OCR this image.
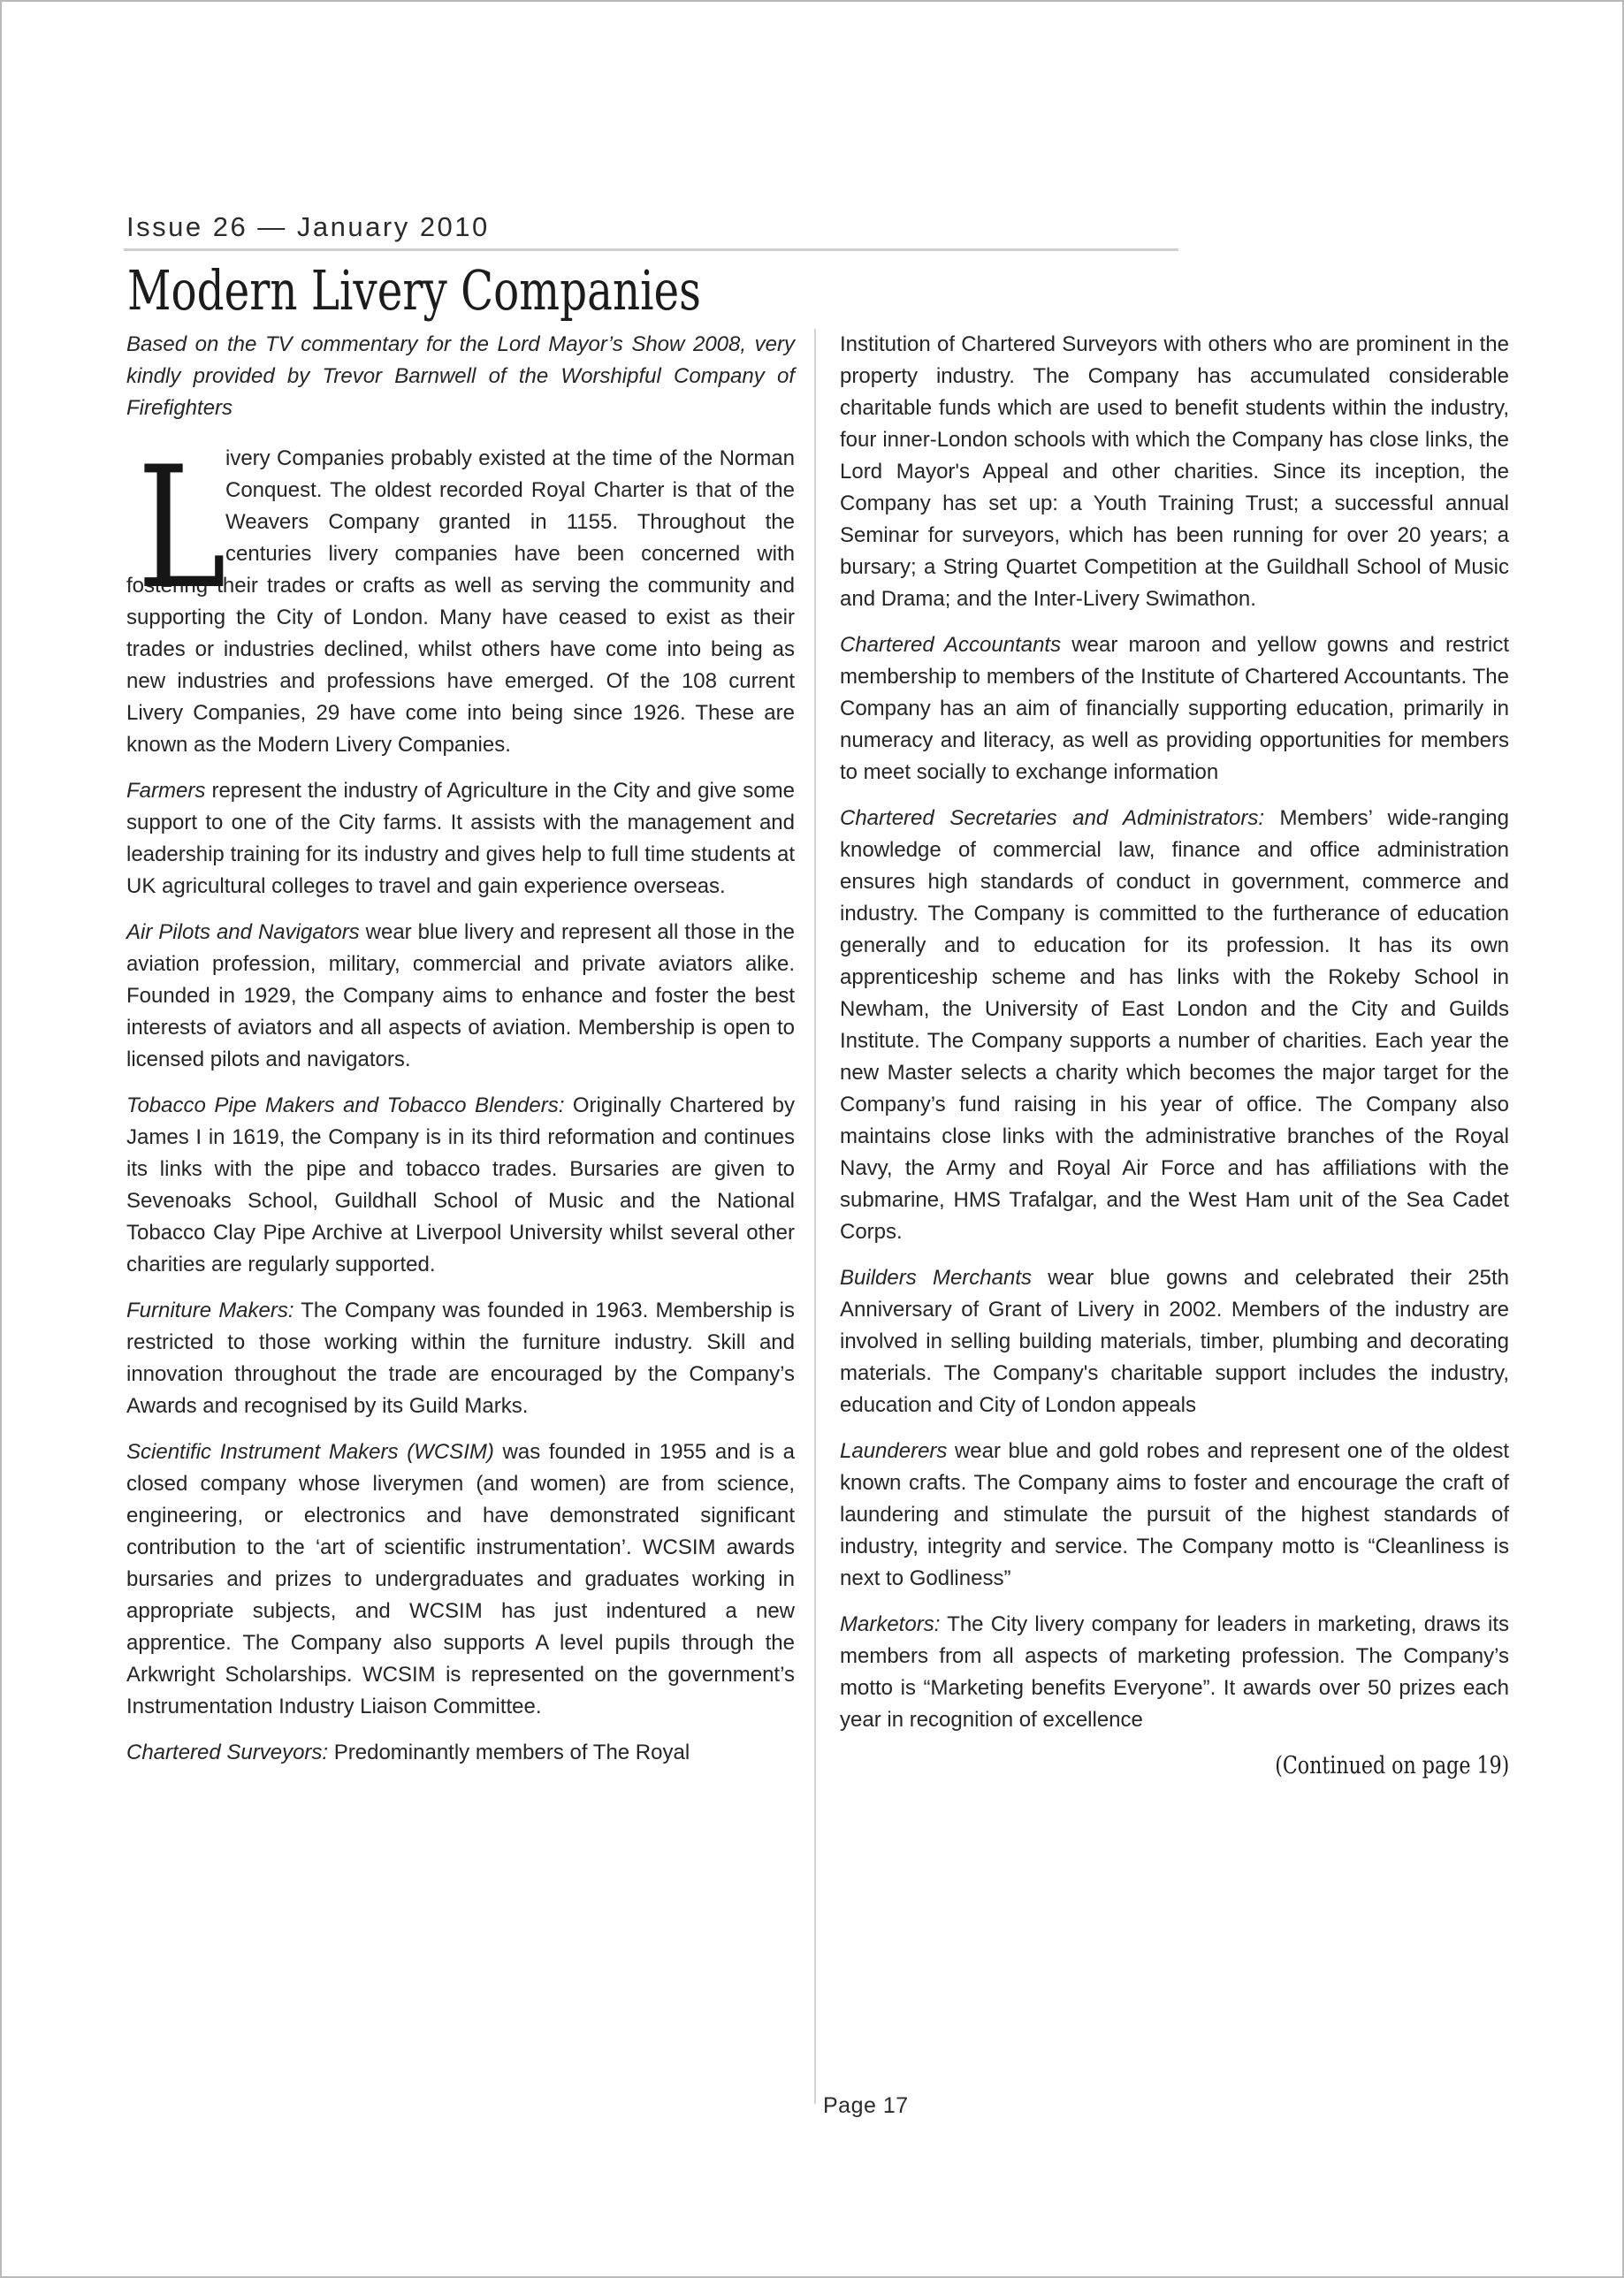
Issue 26 — January 2010
Modern Livery Companies

Based on the TV commentary for the Lord Mayor’s Show 2008, very kindly provided by Trevor Barnwell of the Worshipful Company of Firefighters

L ivery Companies probably existed at the time of the Norman Conquest. The oldest recorded Royal Charter is that of the Weavers Company granted in 1155. Throughout the centuries livery companies have been concerned with fostering their trades or crafts as well as serving the community and supporting the City of London. Many have ceased to exist as their trades or industries declined, whilst others have come into being as new industries and professions have emerged. Of the 108 current Livery Companies, 29 have come into being since 1926. These are known as the Modern Livery Companies.

Farmers represent the industry of Agriculture in the City and give some support to one of the City farms. It assists with the management and leadership training for its industry and gives help to full time students at UK agricultural colleges to travel and gain experience overseas.

Air Pilots and Navigators wear blue livery and represent all those in the aviation profession, military, commercial and private aviators alike. Founded in 1929, the Company aims to enhance and foster the best interests of aviators and all aspects of aviation. Membership is open to licensed pilots and navigators.

Tobacco Pipe Makers and Tobacco Blenders: Originally Chartered by James I in 1619, the Company is in its third reformation and continues its links with the pipe and tobacco trades. Bursaries are given to Sevenoaks School, Guildhall School of Music and the National Tobacco Clay Pipe Archive at Liverpool University whilst several other charities are regularly supported.

Furniture Makers: The Company was founded in 1963. Membership is restricted to those working within the furniture industry. Skill and innovation throughout the trade are encouraged by the Company’s Awards and recognised by its Guild Marks.

Scientific Instrument Makers (WCSIM) was founded in 1955 and is a closed company whose liverymen (and women) are from science, engineering, or electronics and have demonstrated significant contribution to the ‘art of scientific instrumentation’. WCSIM awards bursaries and prizes to undergraduates and graduates working in appropriate subjects, and WCSIM has just indentured a new apprentice. The Company also supports A level pupils through the Arkwright Scholarships. WCSIM is represented on the government’s Instrumentation Industry Liaison Committee.

Chartered Surveyors: Predominantly members of The Royal

Institution of Chartered Surveyors with others who are prominent in the property industry. The Company has accumulated considerable charitable funds which are used to benefit students within the industry, four inner-London schools with which the Company has close links, the Lord Mayor's Appeal and other charities. Since its inception, the Company has set up: a Youth Training Trust; a successful annual Seminar for surveyors, which has been running for over 20 years; a bursary; a String Quartet Competition at the Guildhall School of Music and Drama; and the Inter-Livery Swimathon.

Chartered Accountants wear maroon and yellow gowns and restrict membership to members of the Institute of Chartered Accountants. The Company has an aim of financially supporting education, primarily in numeracy and literacy, as well as providing opportunities for members to meet socially to exchange information

Chartered Secretaries and Administrators: Members’ wide-ranging knowledge of commercial law, finance and office administration ensures high standards of conduct in government, commerce and industry. The Company is committed to the furtherance of education generally and to education for its profession. It has its own apprenticeship scheme and has links with the Rokeby School in Newham, the University of East London and the City and Guilds Institute. The Company supports a number of charities. Each year the new Master selects a charity which becomes the major target for the Company’s fund raising in his year of office. The Company also maintains close links with the administrative branches of the Royal Navy, the Army and Royal Air Force and has affiliations with the submarine, HMS Trafalgar, and the West Ham unit of the Sea Cadet Corps.

Builders Merchants wear blue gowns and celebrated their 25th Anniversary of Grant of Livery in 2002. Members of the industry are involved in selling building materials, timber, plumbing and decorating materials. The Company's charitable support includes the industry, education and City of London appeals

Launderers wear blue and gold robes and represent one of the oldest known crafts. The Company aims to foster and encourage the craft of laundering and stimulate the pursuit of the highest standards of industry, integrity and service. The Company motto is “Cleanliness is next to Godliness”

Marketors: The City livery company for leaders in marketing, draws its members from all aspects of marketing profession. The Company’s motto is “Marketing benefits Everyone”. It awards over 50 prizes each year in recognition of excellence

(Continued on page 19)
Page 17
